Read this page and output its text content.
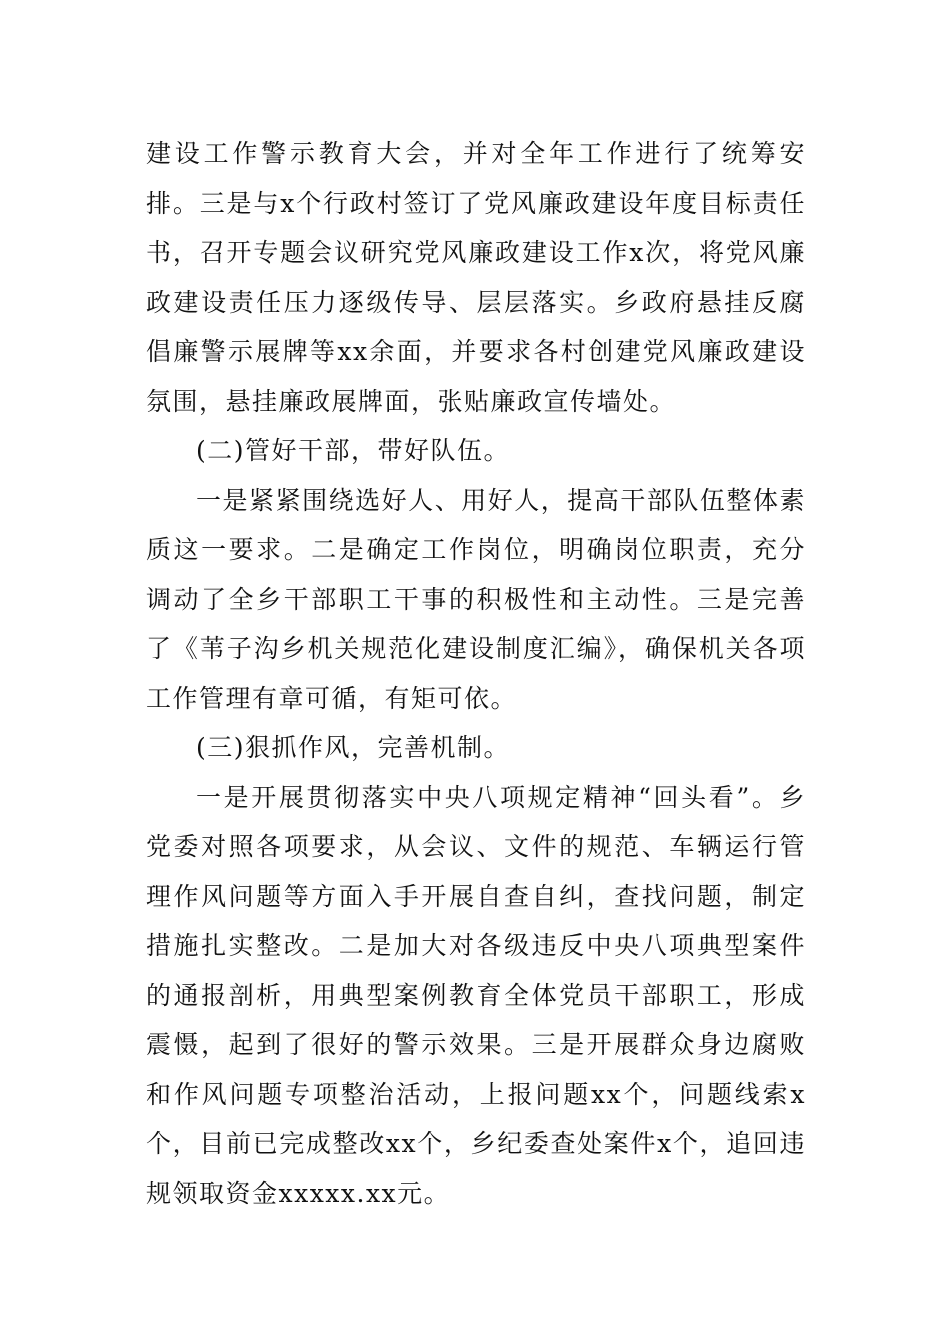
建设工作警示教育大会，并对全年工作进行了统筹安排。三是与x个行政村签订了党风廉政建设年度目标责任书，召开专题会议研究党风廉政建设工作x次，将党风廉政建设责任压力逐级传导、层层落实。乡政府悬挂反腐倡廉警示展牌等xx余面，并要求各村创建党风廉政建设氛围，悬挂廉政展牌面，张贴廉政宣传墙处。

(二)管好干部，带好队伍。

一是紧紧围绕选好人、用好人，提高干部队伍整体素质这一要求。二是确定工作岗位，明确岗位职责，充分调动了全乡干部职工干事的积极性和主动性。三是完善了《苇子沟乡机关规范化建设制度汇编》，确保机关各项工作管理有章可循，有矩可依。

(三)狠抓作风，完善机制。

一是开展贯彻落实中央八项规定精神“回头看”。乡党委对照各项要求，从会议、文件的规范、车辆运行管理作风问题等方面入手开展自查自纠，查找问题，制定措施扎实整改。二是加大对各级违反中央八项典型案件的通报剖析，用典型案例教育全体党员干部职工，形成震慑，起到了很好的警示效果。三是开展群众身边腐败和作风问题专项整治活动，上报问题xx个，问题线索x个，目前已完成整改xx个，乡纪委查处案件x个，追回违规领取资金xxxxx.xx元。
